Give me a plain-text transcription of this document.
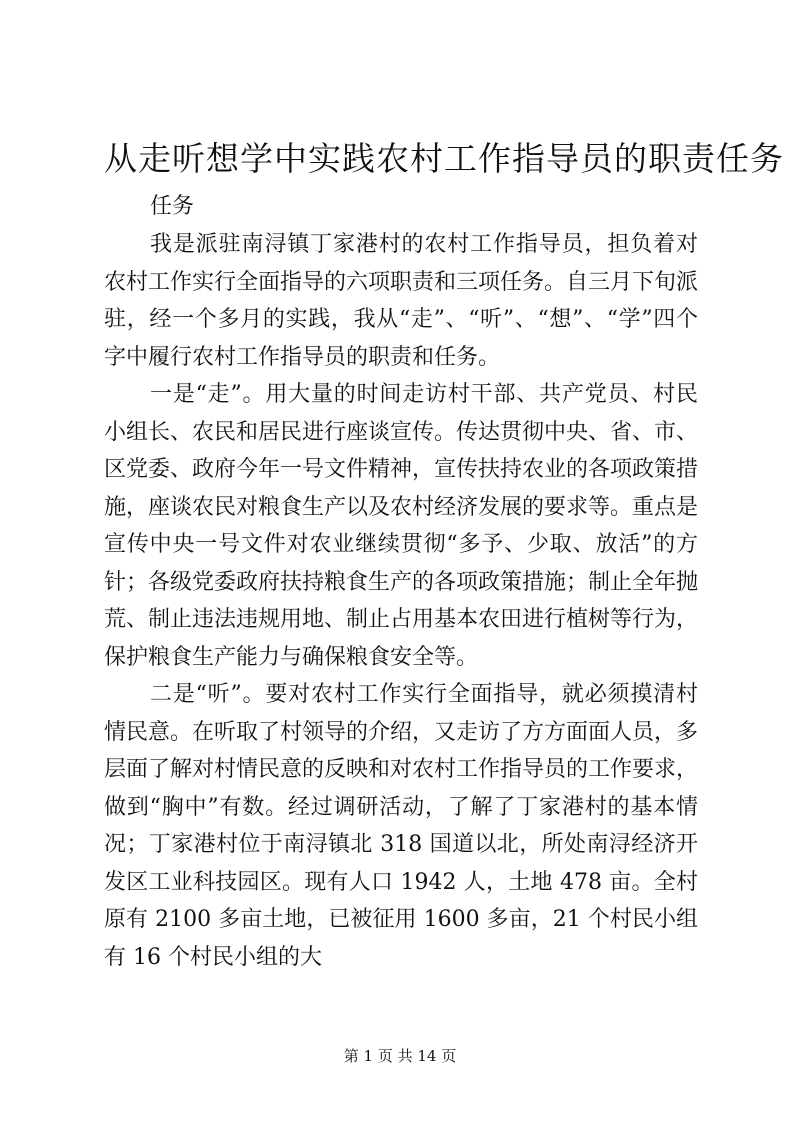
从走听想学中实践农村工作指导员的职责任务

任务

我是派驻南浔镇丁家港村的农村工作指导员，担负着对农村工作实行全面指导的六项职责和三项任务。自三月下旬派驻，经一个多月的实践，我从“走”、“听”、“想”、“学”四个字中履行农村工作指导员的职责和任务。

一是“走”。用大量的时间走访村干部、共产党员、村民小组长、农民和居民进行座谈宣传。传达贯彻中央、省、市、区党委、政府今年一号文件精神，宣传扶持农业的各项政策措施，座谈农民对粮食生产以及农村经济发展的要求等。重点是宣传中央一号文件对农业继续贯彻“多予、少取、放活”的方针；各级党委政府扶持粮食生产的各项政策措施；制止全年抛荒、制止违法违规用地、制止占用基本农田进行植树等行为，保护粮食生产能力与确保粮食安全等。

二是“听”。要对农村工作实行全面指导，就必须摸清村情民意。在听取了村领导的介绍，又走访了方方面面人员，多层面了解对村情民意的反映和对农村工作指导员的工作要求，做到“胸中”有数。经过调研活动，了解了丁家港村的基本情况；丁家港村位于南浔镇北 318 国道以北，所处南浔经济开发区工业科技园区。现有人口 1942 人，土地 478 亩。全村原有 2100 多亩土地，已被征用 1600 多亩，21 个村民小组有 16 个村民小组的大

第 1 页 共 14 页
